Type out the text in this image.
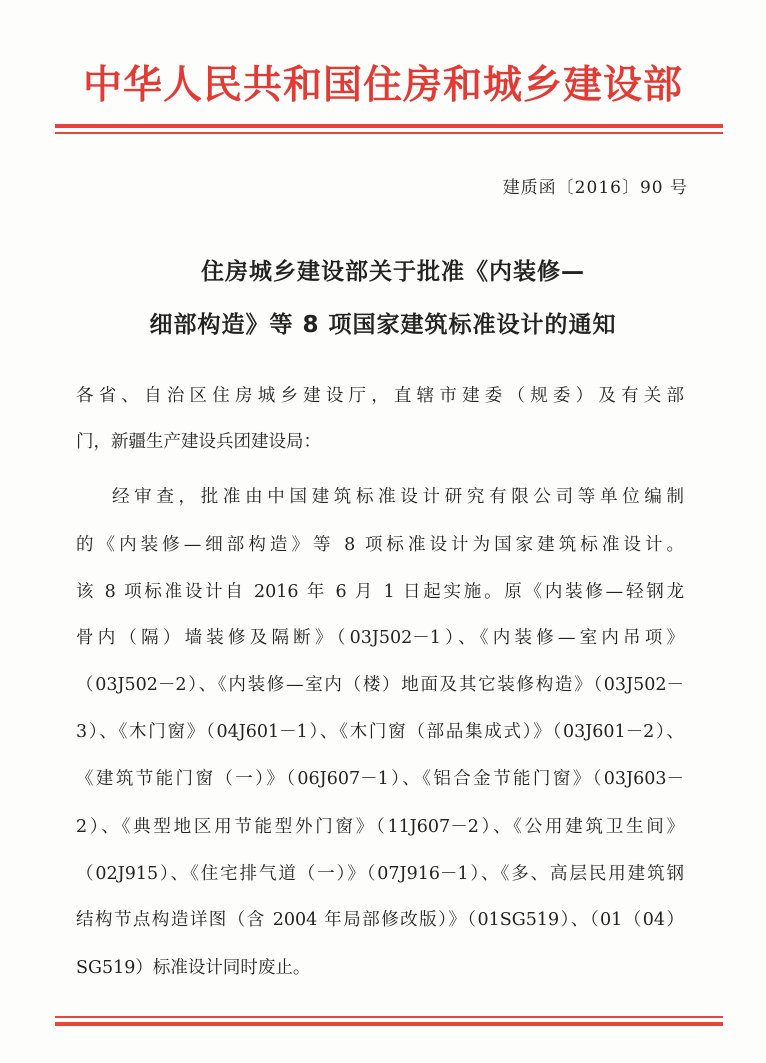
中华人民共和国住房和城乡建设部
建质函〔2016〕90 号
住房城乡建设部关于批准《内装修—
细部构造》等 8 项国家建筑标准设计的通知
各省、自治区住房城乡建设厅，直辖市建委（规委）及有关部
门，新疆生产建设兵团建设局：
经审查，批准由中国建筑标准设计研究有限公司等单位编制
的《内装修—细部构造》等 8 项标准设计为国家建筑标准设计。
该 8 项标准设计自 2016 年 6 月 1 日起实施。原《内装修—轻钢龙
骨内（隔）墙装修及隔断》（03J502－1）、《内装修—室内吊项》
（03J502－2）、《内装修—室内（楼）地面及其它装修构造》（03J502－
3）、《木门窗》（04J601－1）、《木门窗（部品集成式）》（03J601－2）、
《建筑节能门窗（一）》（06J607－1）、《铝合金节能门窗》（03J603－
2）、《典型地区用节能型外门窗》（11J607－2）、《公用建筑卫生间》
（02J915）、《住宅排气道（一）》（07J916－1）、《多、高层民用建筑钢
结构节点构造详图（含 2004 年局部修改版）》（01SG519）、（01（04）
SG519）标准设计同时废止。
